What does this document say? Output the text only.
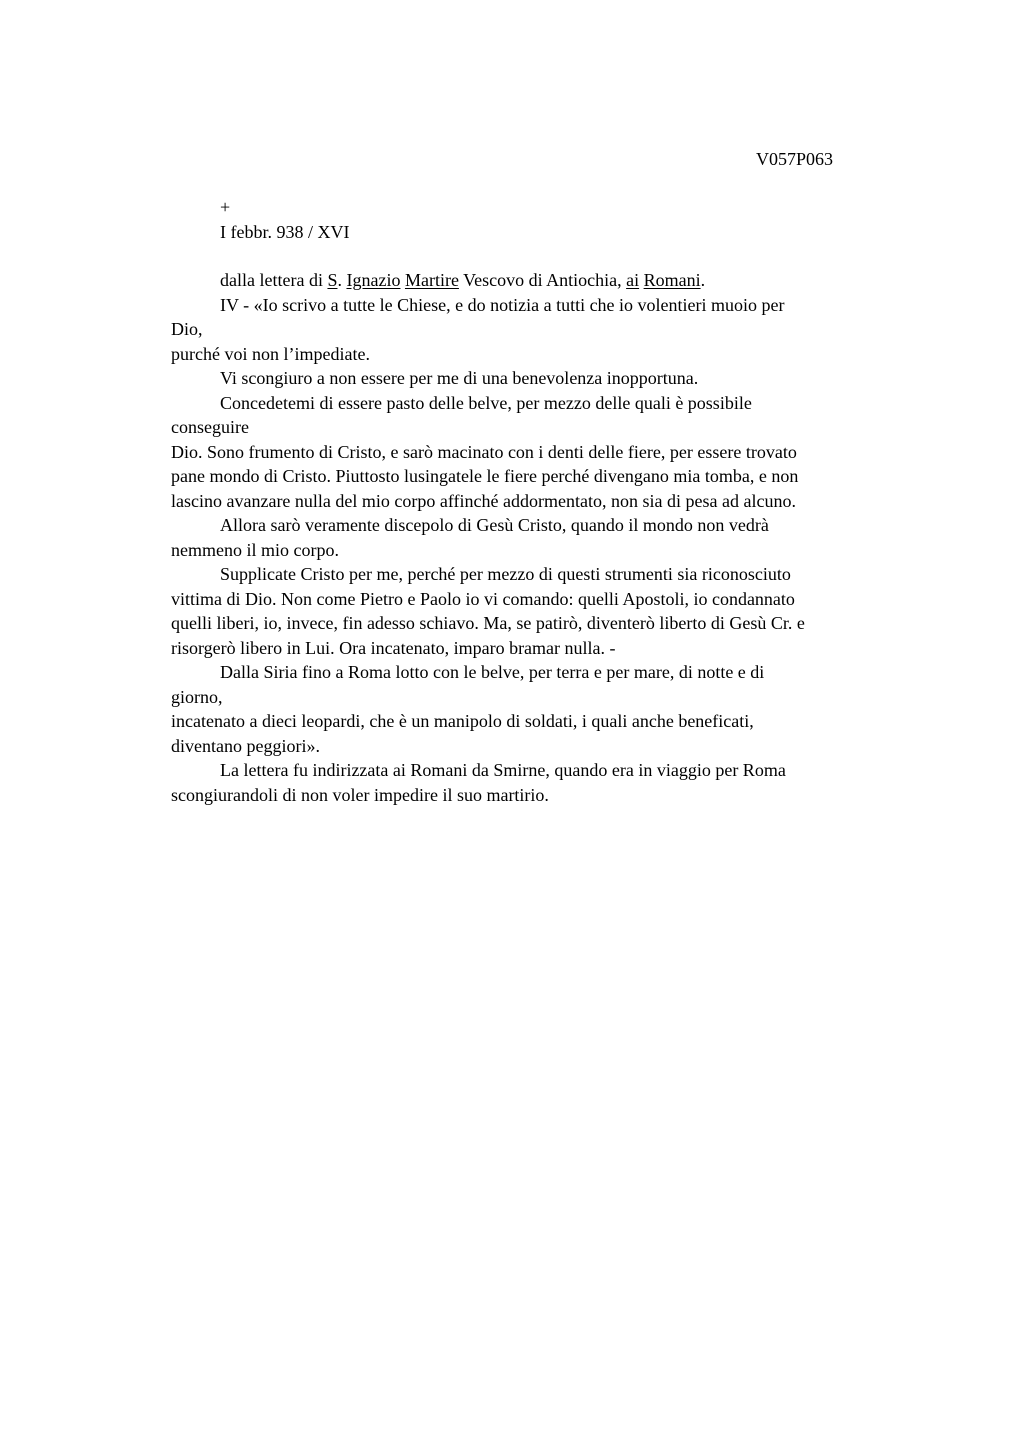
V057P063
+
I febbr. 938 / XVI
dalla lettera di S. Ignazio Martire Vescovo di Antiochia, ai Romani.
IV - «Io scrivo a tutte le Chiese, e do notizia a tutti che io volentieri muoio per
Dio,
purché voi non l’impediate.
Vi scongiuro a non essere per me di una benevolenza inopportuna.
Concedetemi di essere pasto delle belve, per mezzo delle quali è possibile
conseguire
Dio. Sono frumento di Cristo, e sarò macinato con i denti delle fiere, per essere trovato
pane mondo di Cristo. Piuttosto lusingatele le fiere perché divengano mia tomba, e non
lascino avanzare nulla del mio corpo affinché addormentato, non sia di pesa ad alcuno.
Allora sarò veramente discepolo di Gesù Cristo, quando il mondo non vedrà
nemmeno il mio corpo.
Supplicate Cristo per me, perché per mezzo di questi strumenti sia riconosciuto
vittima di Dio. Non come Pietro e Paolo io vi comando: quelli Apostoli, io condannato
quelli liberi, io, invece, fin adesso schiavo. Ma, se patirò, diventerò liberto di Gesù Cr. e
risorgerò libero in Lui. Ora incatenato, imparo bramar nulla. -
Dalla Siria fino a Roma lotto con le belve, per terra e per mare, di notte e di
giorno,
incatenato a dieci leopardi, che è un manipolo di soldati, i quali anche beneficati,
diventano peggiori».
La lettera fu indirizzata ai Romani da Smirne, quando era in viaggio per Roma
scongiurandoli di non voler impedire il suo martirio.
